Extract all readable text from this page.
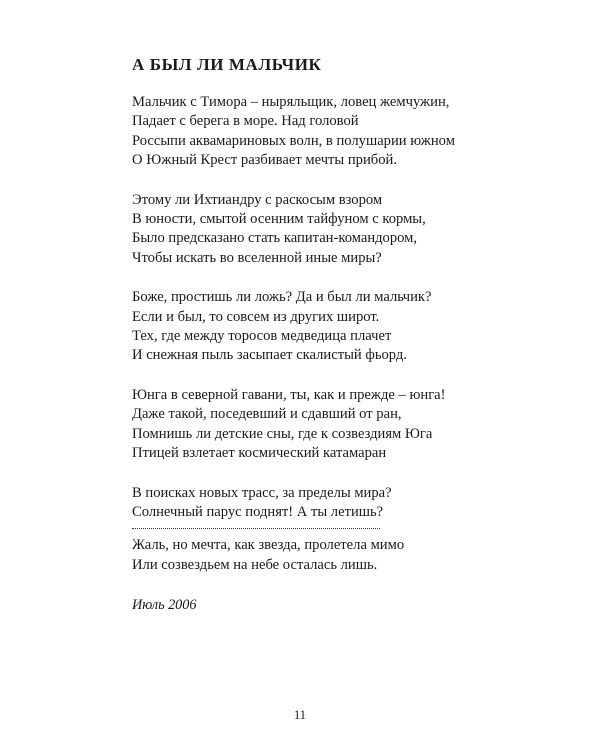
А БЫЛ ЛИ МАЛЬЧИК
Мальчик с Тимора – ныряльщик, ловец жемчужин,
Падает с берега в море. Над головой
Россыпи аквамариновых волн, в полушарии южном
О Южный Крест разбивает мечты прибой.
Этому ли Ихтиандру с раскосым взором
В юности, смытой осенним тайфуном с кормы,
Было предсказано стать капитан-командором,
Чтобы искать во вселенной иные миры?
Боже, простишь ли ложь? Да и был ли мальчик?
Если и был, то совсем из других широт.
Тех, где между торосов медведица плачет
И снежная пыль засыпает скалистый фьорд.
Юнга в северной гавани, ты, как и прежде – юнга!
Даже такой, поседевший и сдавший от ран,
Помнишь ли детские сны, где к созвездиям Юга
Птицей взлетает космический катамаран
В поисках новых трасс, за пределы мира?
Солнечный парус поднят! А ты летишь?
Жаль, но мечта, как звезда, пролетела мимо
Или созвездьем на небе осталась лишь.
Июль 2006
11
